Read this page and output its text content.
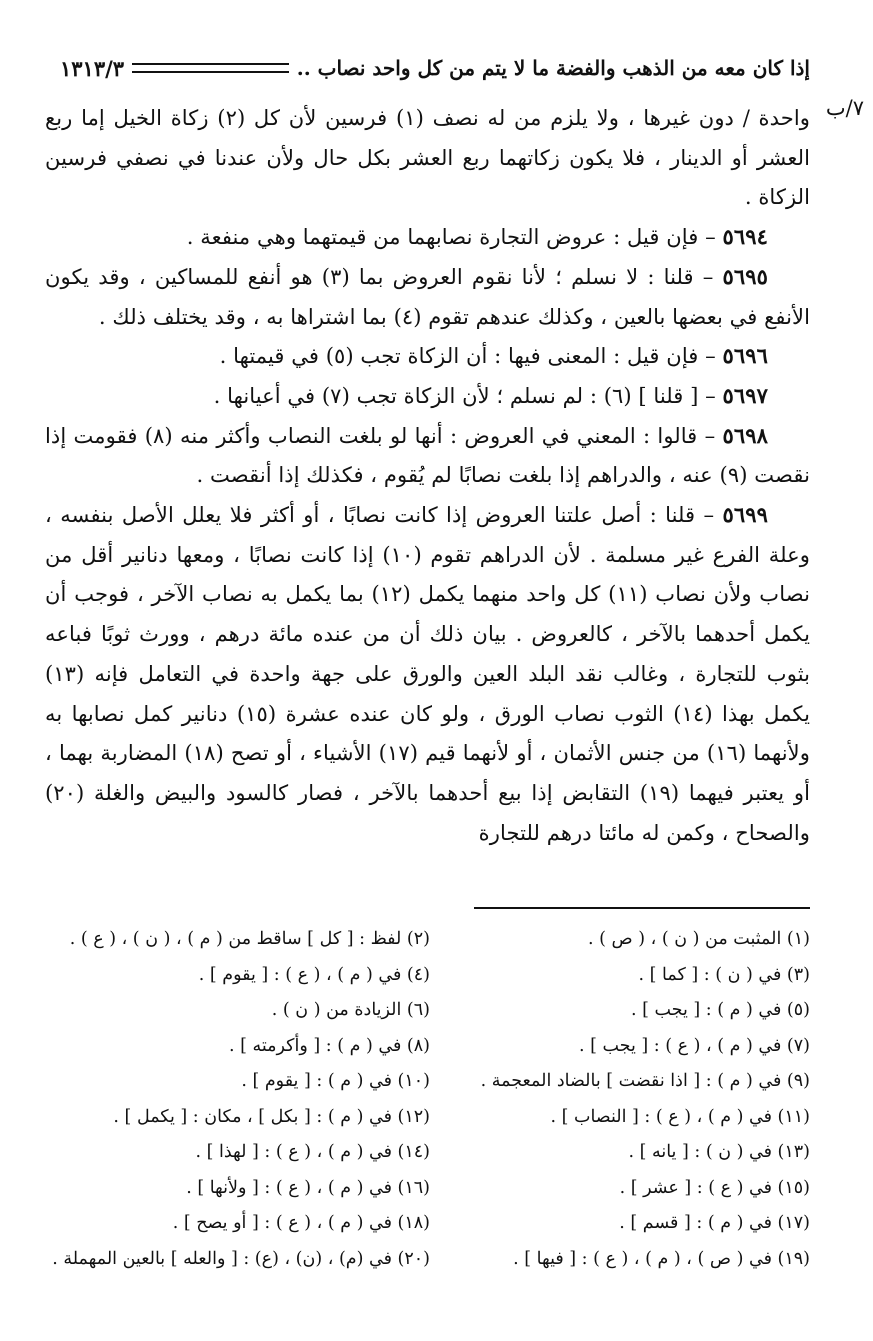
إذا كان معه من الذهب والفضة ما لا يتم من كل واحد نصاب ..
١٣١٣/٣
٧/ب

واحدة / دون غيرها ، ولا يلزم من له نصف (١) فرسين لأن كل (٢) زكاة الخيل إما ربع العشر أو الدينار ، فلا يكون زكاتهما ربع العشر بكل حال ولأن عندنا في نصفي فرسين الزكاة .

٥٦٩٤ – فإن قيل : عروض التجارة نصابهما من قيمتهما وهي منفعة .

٥٦٩٥ – قلنا : لا نسلم ؛ لأنا نقوم العروض بما (٣) هو أنفع للمساكين ، وقد يكون الأنفع في بعضها بالعين ، وكذلك عندهم تقوم (٤) بما اشتراها به ، وقد يختلف ذلك .

٥٦٩٦ – فإن قيل : المعنى فيها : أن الزكاة تجب (٥) في قيمتها .

٥٦٩٧ – [ قلنا ] (٦) : لم نسلم ؛ لأن الزكاة تجب (٧) في أعيانها .

٥٦٩٨ – قالوا : المعني في العروض : أنها لو بلغت النصاب وأكثر منه (٨) فقومت إذا نقصت (٩) عنه ، والدراهم إذا بلغت نصابًا لم يُقوم ، فكذلك إذا أنقصت .

٥٦٩٩ – قلنا : أصل علتنا العروض إذا كانت نصابًا ، أو أكثر فلا يعلل الأصل بنفسه ، وعلة الفرع غير مسلمة . لأن الدراهم تقوم (١٠) إذا كانت نصابًا ، ومعها دنانير أقل من نصاب ولأن نصاب (١١) كل واحد منهما يكمل (١٢) بما يكمل به نصاب الآخر ، فوجب أن يكمل أحدهما بالآخر ، كالعروض . بيان ذلك أن من عنده مائة درهم ، وورث ثوبًا فباعه بثوب للتجارة ، وغالب نقد البلد العين والورق على جهة واحدة في التعامل فإنه (١٣) يكمل بهذا (١٤) الثوب نصاب الورق ، ولو كان عنده عشرة (١٥) دنانير كمل نصابها به ولأنهما (١٦) من جنس الأثمان ، أو لأنهما قيم (١٧) الأشياء ، أو تصح (١٨) المضاربة بهما ، أو يعتبر فيهما (١٩) التقابض إذا بيع أحدهما بالآخر ، فصار كالسود والبيض والغلة (٢٠) والصحاح ، وكمن له مائتا درهم للتجارة

(١) المثبت من ( ن ) ، ( ص ) .
(٢) لفظ : [ كل ] ساقط من ( م ) ، ( ن ) ، ( ع ) .
(٣) في ( ن ) : [ كما ] .
(٤) في ( م ) ، ( ع ) : [ يقوم ] .
(٥) في ( م ) : [ يجب ] .
(٦) الزيادة من ( ن ) .
(٧) في ( م ) ، ( ع ) : [ يجب ] .
(٨) في ( م ) : [ وأكرمته ] .
(٩) في ( م ) : [ اذا نقضت ] بالضاد المعجمة .
(١٠) في ( م ) : [ يقوم ] .
(١١) في ( م ) ، ( ع ) : [ النصاب ] .
(١٢) في ( م ) : [ بكل ] ، مكان : [ يكمل ] .
(١٣) في ( ن ) : [ يانه ] .
(١٤) في ( م ) ، ( ع ) : [ لهذا ] .
(١٥) في ( ع ) : [ عشر ] .
(١٦) في ( م ) ، ( ع ) : [ ولأنها ] .
(١٧) في ( م ) : [ قسم ] .
(١٨) في ( م ) ، ( ع ) : [ أو يصح ] .
(١٩) في ( ص ) ، ( م ) ، ( ع ) : [ فيها ] .
(٢٠) في (م) ، (ن) ، (ع) : [ والعله ] بالعين المهملة .
